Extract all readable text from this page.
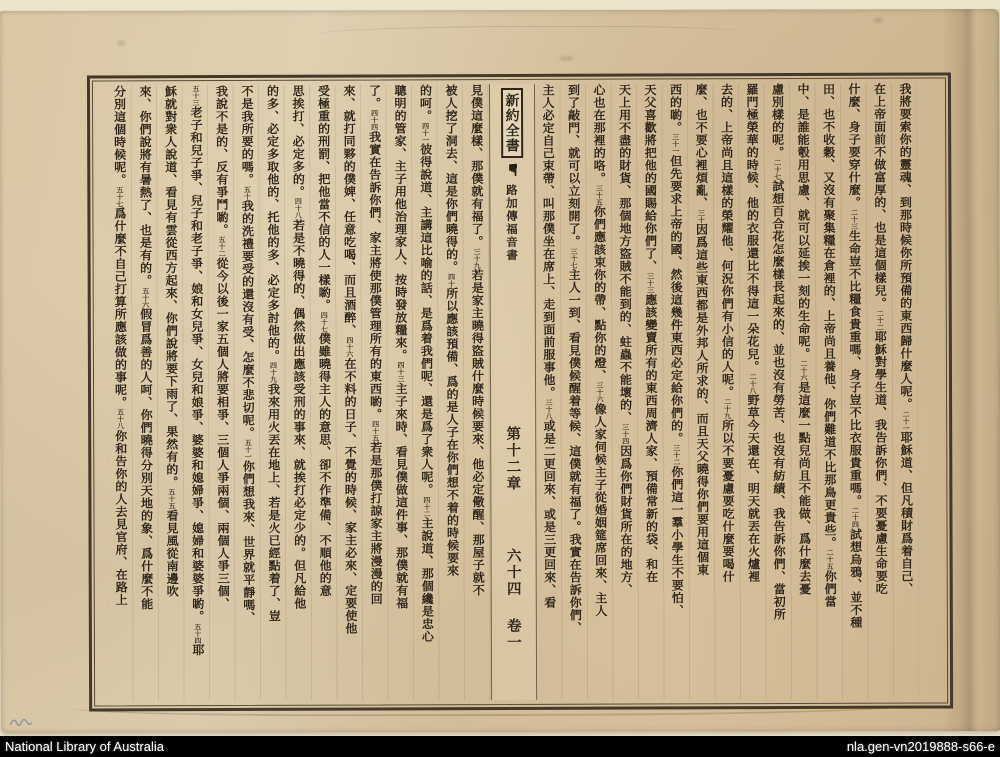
我將要索你的靈魂、到那時候你所預備的東西歸什麼人呢。二十一耶穌道、但凡積財爲着自己、
在上帝面前不做富厚的、也是這個樣兒。二十二耶穌對學生道、我告訴你們、不要憂慮生命要吃
什麼、身子要穿什麼。二十三生命豈不比糧食貴重嗎、身子豈不比衣服貴重嗎。二十四試想烏鴉、並不種
田、也不收穀、又沒有聚集糧在倉裡的、上帝尚且養他、你們難道不比那鳥更貴些。二十五你們當
中、是誰能彀用思慮、就可以延挨一刻的生命呢。二十六是這麼一點兒尚且不能做、爲什麼去憂
慮別樣的呢。二十七試想百合花怎麼樣長起來的、並也沒有勞苦、也沒有紡績、我告訴你們、當初所
羅門極榮華的時候、他的衣服還比不得這一朵花兒。二十八野草今天還在、明天就丟在火爐裡
去的、上帝尚且這樣的榮耀他、何況你們有小信的人呢。二十九所以不要憂慮要吃什麼要喝什
麼、也不要心裡煩亂、三十因爲這些東西都是外邦人所求的、而且天父曉得你們要用這個東
西的喲。三十一但先要求上帝的國、然後這幾件東西必定給你們的。三十二你們這一羣小學生不要怕、
天父喜歡將把他的國賜給你們了、三十三應該變賣所有的東西周濟人家、預備常新的袋、和在
天上用不盡的財貨、那個地方盜賊不能到的、蛀蟲不能壞的、三十四因爲你們財貨所在的地方、
心也在那裡的咯。三十五你們應該束你的帶、點你的燈、三十六像人家伺候主子從婚姻筵席回來、主人
到了敲門、就可以立刻開了。三十七主人一到、看見僕候醒着等候、這僕就有福了。我實在告訴你們、
主人必定自己束帶、叫那僕坐在席上、走到面前服事他。三十八或是二更回來、或是三更回來、看
新約全書
☛
路加傳福音書
第十二章
六十四
卷一
見僕這麼樣、那僕就有福了。三十九若是家主曉得盜賊什麼時候要來、他必定儆醒、那屋子就不
被人挖了洞去、這是你們曉得的。四十所以應該預備、爲的是人子在你們想不着的時候要來
的呵。四十一彼得說道、主講這比喻的話、是爲着我們呢、還是爲了衆人呢。四十二主說道、那個纔是忠心
聰明的管家、主子用他治理家人、按時發放糧來。四十三主子來時、看見僕做這件事、那僕就有福
了。四十四我實在告訴你們、家主將使那僕管理所有的東西喲。四十五若是那僕打諒家主將漫漫的回
來、就打同夥的僕婢、任意吃喝、而且酒醉、四十六在不料的日子、不覺的時候、家主必來、定要使他
受極重的刑罰、把他當不信的人一樣喲。四十七僕雖曉得主人的意思、卻不作準備、不順他的意
思挨打、必定多的。四十八若是不曉得的、偶然做出應該受刑的事來、就挨打必定少的。但凡給他
的多、必定多取他的、托他的多、必定多討他的。四十九我來用火丟在地上、若是火已經點着了、豈
不是我所要的嗎。五十我的洗禮要受的還沒有受、怎麼不悲切呢。五十一你們想我來、世界就平靜嗎、
我說不是的、反有爭鬥喲。五十二從今以後一家五個人將要相爭、三個人爭兩個、兩個人爭三個、
五十三老子和兒子爭、兒子和老子爭、娘和女兒爭、女兒和娘爭、婆婆和媳婦爭、媳婦和婆婆爭喲。五十四耶
穌就對衆人說道、看見有雲從西方起來、你們說將要下雨了、果然有的。五十五看見風從南邊吹
來、你們說將有暑熱了、也是有的。五十六假冒爲善的人呵、你們曉得分別天地的象、爲什麼不能
分別這個時候呢。五十七爲什麼不自己打算所應該做的事呢。五十八你和告你的人去見官府、在路上
National Library of Australia	nla.gen-vn2019888-s66-e
